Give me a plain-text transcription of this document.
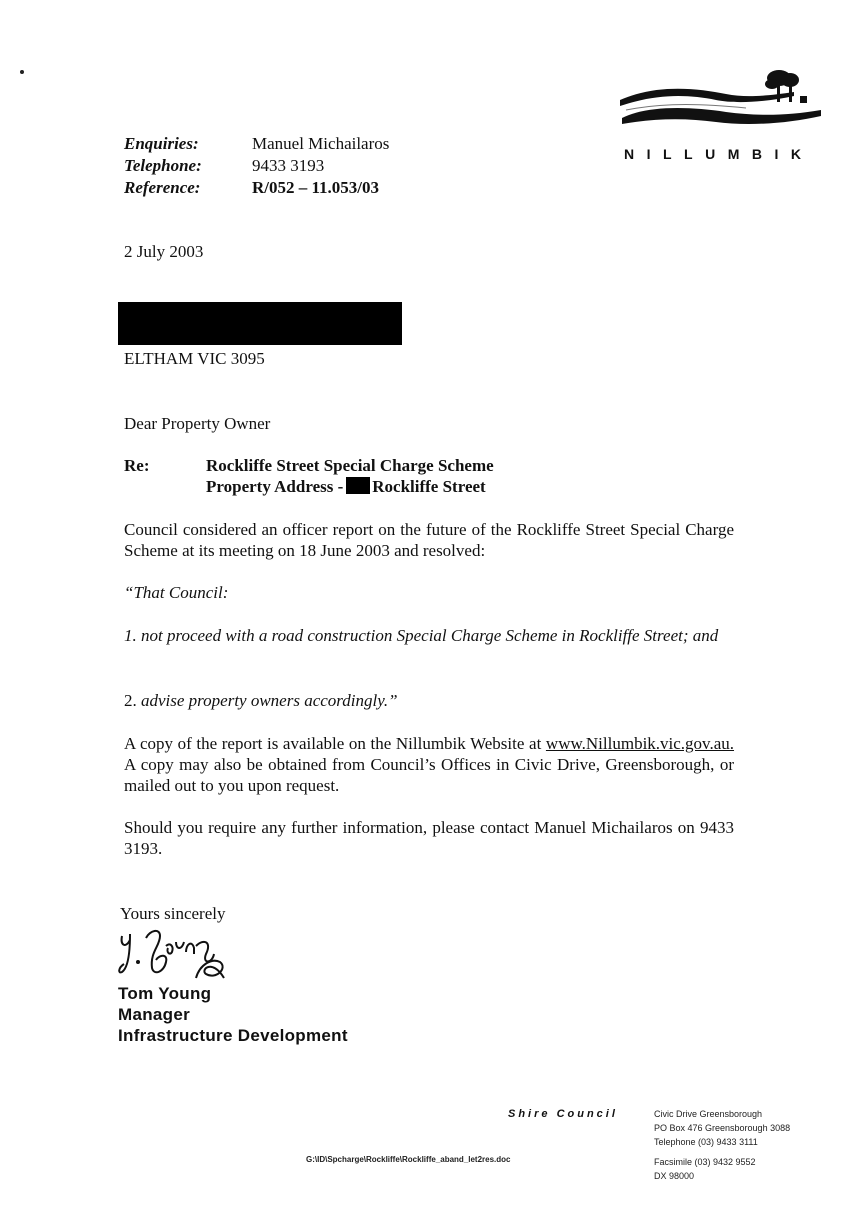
Enquiries:	Manuel Michailaros
Telephone:	9433 3193
Reference:	R/052 – 11.053/03
NILLUMBIK
2 July 2003
ELTHAM VIC 3095
Dear Property Owner
Re:	Rockliffe Street Special Charge Scheme
Property Address - Rockliffe Street
Council considered an officer report on the future of the Rockliffe Street Special Charge Scheme at its meeting on 18 June 2003 and resolved:
“That Council:
1. not proceed with a road construction Special Charge Scheme in Rockliffe Street; and
2. advise property owners accordingly.”
A copy of the report is available on the Nillumbik Website at www.Nillumbik.vic.gov.au. A copy may also be obtained from Council’s Offices in Civic Drive, Greensborough, or mailed out to you upon request.
Should you require any further information, please contact Manuel Michailaros on 9433 3193.
Yours sincerely
Tom Young
Manager
Infrastructure Development
Shire Council	Civic Drive Greensborough
PO Box 476 Greensborough 3088
Telephone (03) 9433 3111
Facsimile (03) 9432 9552
DX 98000
G:\ID\Spcharge\Rockliffe\Rockliffe_aband_let2res.doc
